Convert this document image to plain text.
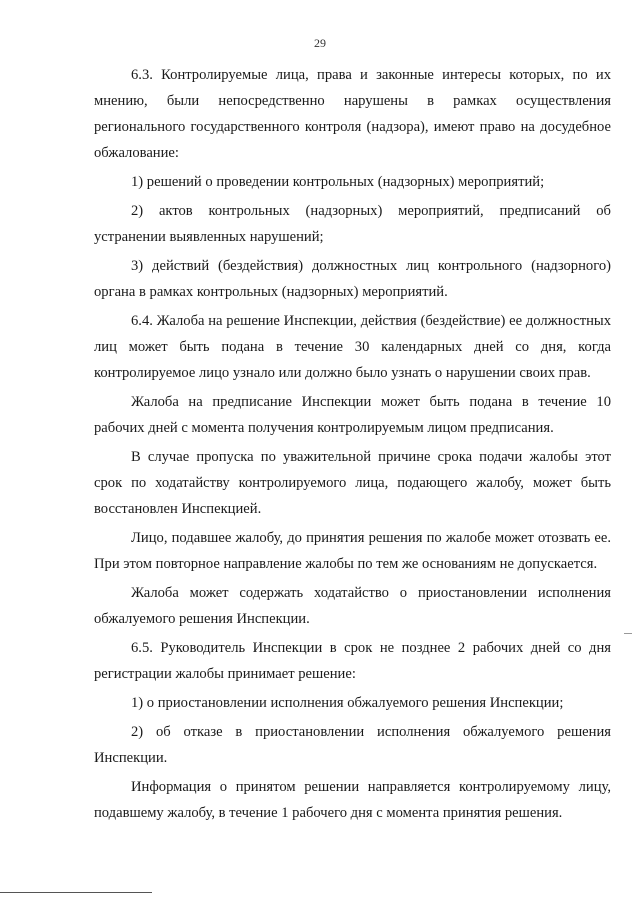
29

6.3. Контролируемые лица, права и законные интересы которых, по их мнению, были непосредственно нарушены в рамках осуществления регионального государственного контроля (надзора), имеют право на досудебное обжалование:

1) решений о проведении контрольных (надзорных) мероприятий;

2) актов контрольных (надзорных) мероприятий, предписаний об устранении выявленных нарушений;

3) действий (бездействия) должностных лиц контрольного (надзорного) органа в рамках контрольных (надзорных) мероприятий.

6.4. Жалоба на решение Инспекции, действия (бездействие) ее должностных лиц может быть подана в течение 30 календарных дней со дня, когда контролируемое лицо узнало или должно было узнать о нарушении своих прав.

Жалоба на предписание Инспекции может быть подана в течение 10 рабочих дней с момента получения контролируемым лицом предписания.

В случае пропуска по уважительной причине срока подачи жалобы этот срок по ходатайству контролируемого лица, подающего жалобу, может быть восстановлен Инспекцией.

Лицо, подавшее жалобу, до принятия решения по жалобе может отозвать ее. При этом повторное направление жалобы по тем же основаниям не допускается.

Жалоба может содержать ходатайство о приостановлении исполнения обжалуемого решения Инспекции.

6.5. Руководитель Инспекции в срок не позднее 2 рабочих дней со дня регистрации жалобы принимает решение:

1) о приостановлении исполнения обжалуемого решения Инспекции;

2) об отказе в приостановлении исполнения обжалуемого решения Инспекции.

Информация о принятом решении направляется контролируемому лицу, подавшему жалобу, в течение 1 рабочего дня с момента принятия решения.
